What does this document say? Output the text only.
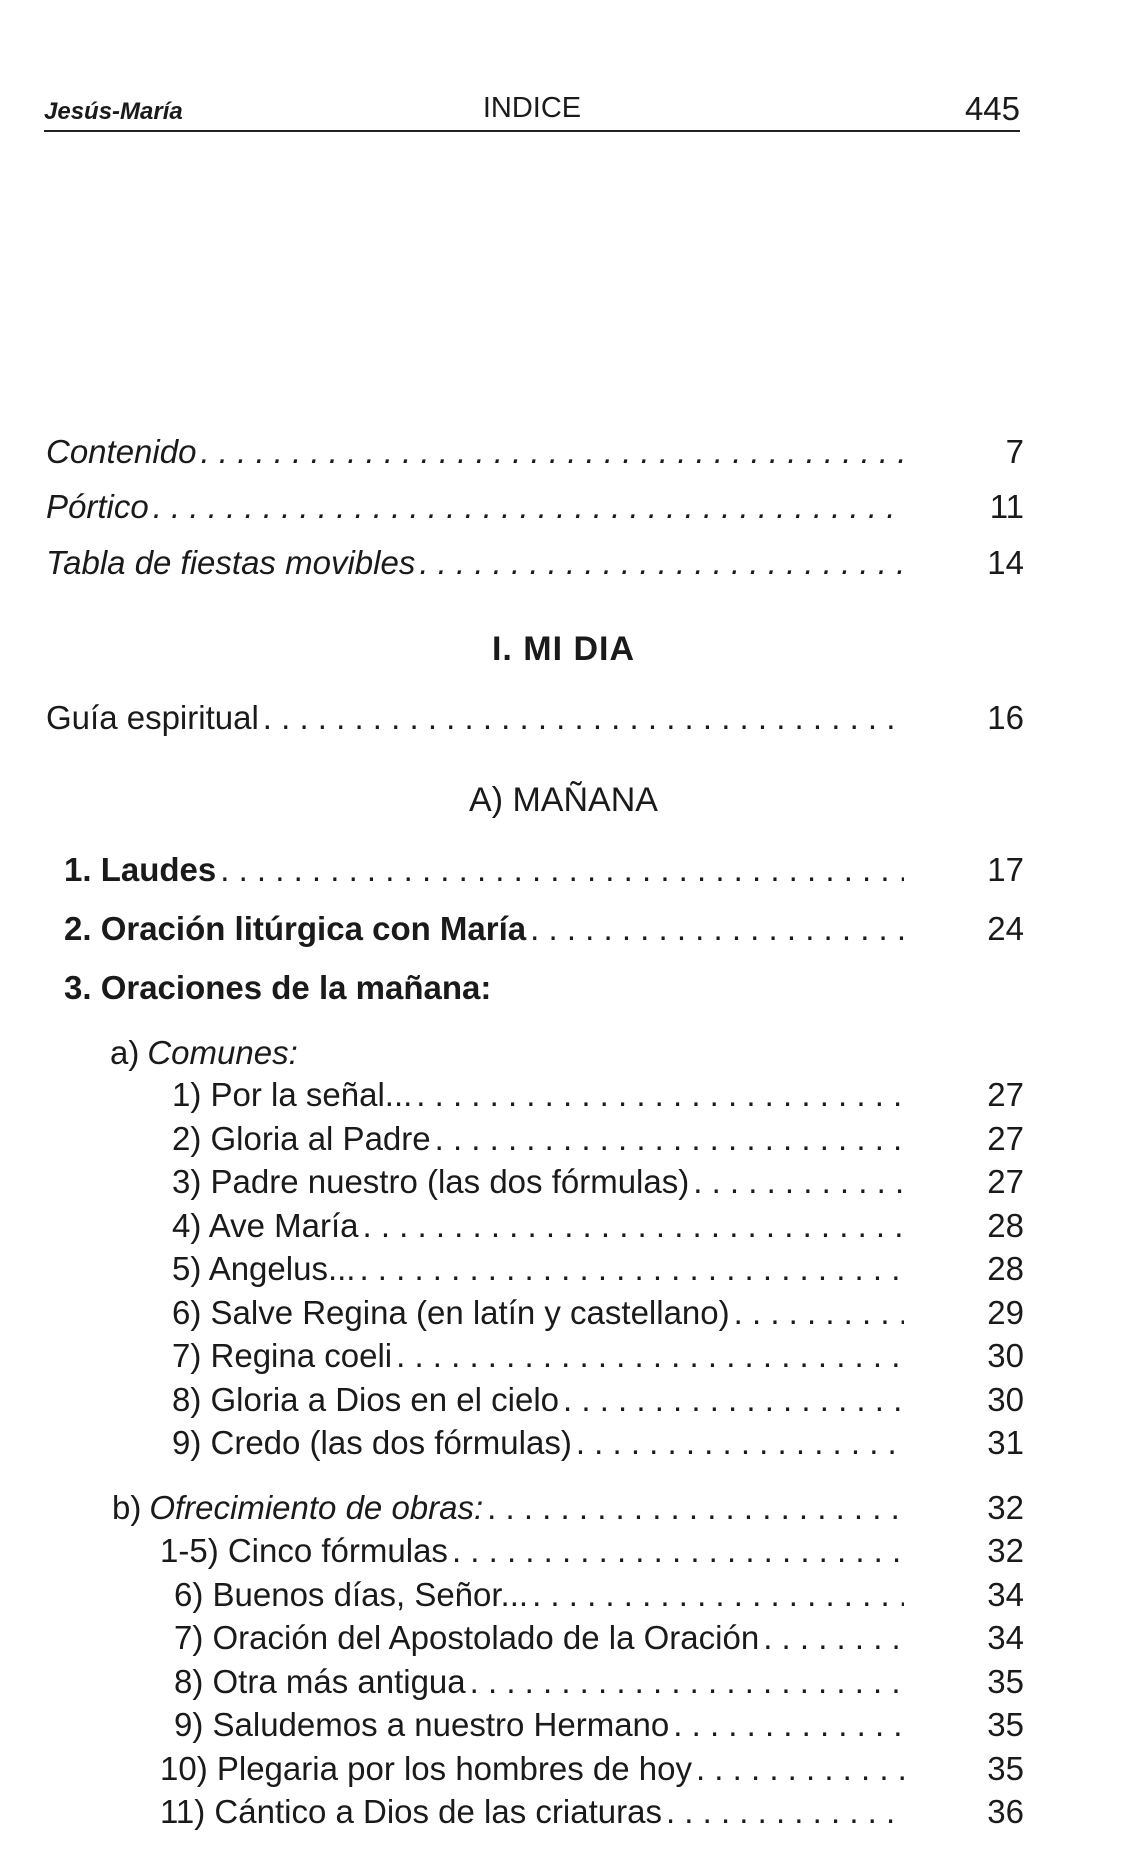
Jesús-María	INDICE	445
Contenido . . .	7
Pórtico . . .	11
Tabla de fiestas movibles . . .	14
I. MI DIA
Guía espiritual . . .	16
A) MAÑANA
1. Laudes . . .	17
2. Oración litúrgica con María . . .	24
3. Oraciones de la mañana:
a) Comunes:
1) Por la señal... . . .	27
2) Gloria al Padre . . .	27
3) Padre nuestro (las dos fórmulas) . . .	27
4) Ave María . . .	28
5) Angelus... . . .	28
6) Salve Regina (en latín y castellano) . . .	29
7) Regina coeli . . .	30
8) Gloria a Dios en el cielo . . .	30
9) Credo (las dos fórmulas) . . .	31
b) Ofrecimiento de obras: . . .	32
1-5) Cinco fórmulas . . .	32
6) Buenos días, Señor... . . .	34
7) Oración del Apostolado de la Oración . . .	34
8) Otra más antigua . . .	35
9) Saludemos a nuestro Hermano . . .	35
10) Plegaria por los hombres de hoy . . .	35
11) Cántico a Dios de las criaturas . . .	36
